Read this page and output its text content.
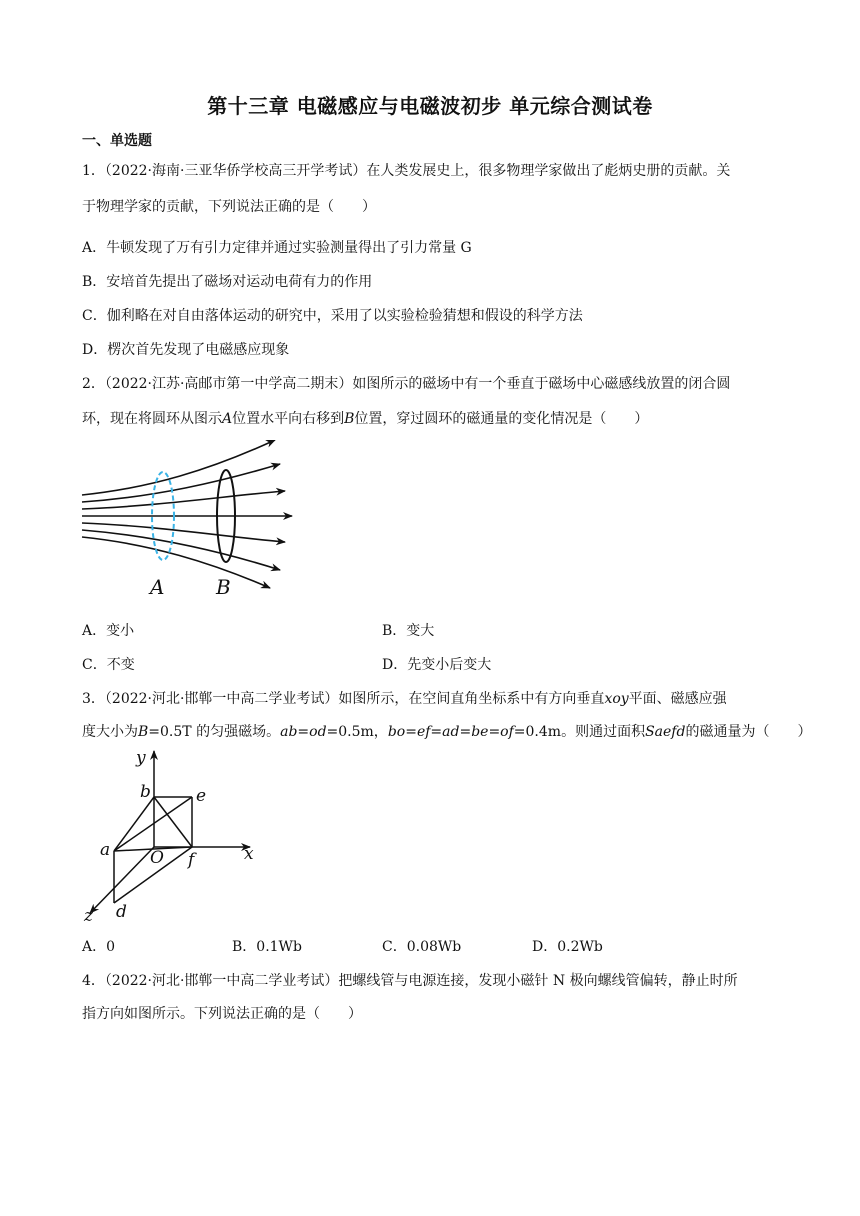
第十三章 电磁感应与电磁波初步 单元综合测试卷
一、单选题
1．（2022·海南·三亚华侨学校高三开学考试）在人类发展史上，很多物理学家做出了彪炳史册的贡献。关
于物理学家的贡献，下列说法正确的是（　　）
A．牛顿发现了万有引力定律并通过实验测量得出了引力常量 G
B．安培首先提出了磁场对运动电荷有力的作用
C．伽利略在对自由落体运动的研究中，采用了以实验检验猜想和假设的科学方法
D．楞次首先发现了电磁感应现象
2．（2022·江苏·高邮市第一中学高二期末）如图所示的磁场中有一个垂直于磁场中心磁感线放置的闭合圆
环，现在将圆环从图示A位置水平向右移到B位置，穿过圆环的磁通量的变化情况是（　　）
A	B
A．变小	B．变大
C．不变	D．先变小后变大
3．（2022·河北·邯郸一中高二学业考试）如图所示，在空间直角坐标系中有方向垂直xoy平面、磁感应强
度大小为B=0.5T 的匀强磁场。ab=od=0.5m，bo=ef=ad=be=of=0.4m。则通过面积Saefd的磁通量为（　　）
y
b	e
a O f	x
z d
A．0	B．0.1Wb	C．0.08Wb	D．0.2Wb
4．（2022·河北·邯郸一中高二学业考试）把螺线管与电源连接，发现小磁针 N 极向螺线管偏转，静止时所
指方向如图所示。下列说法正确的是（　　）
